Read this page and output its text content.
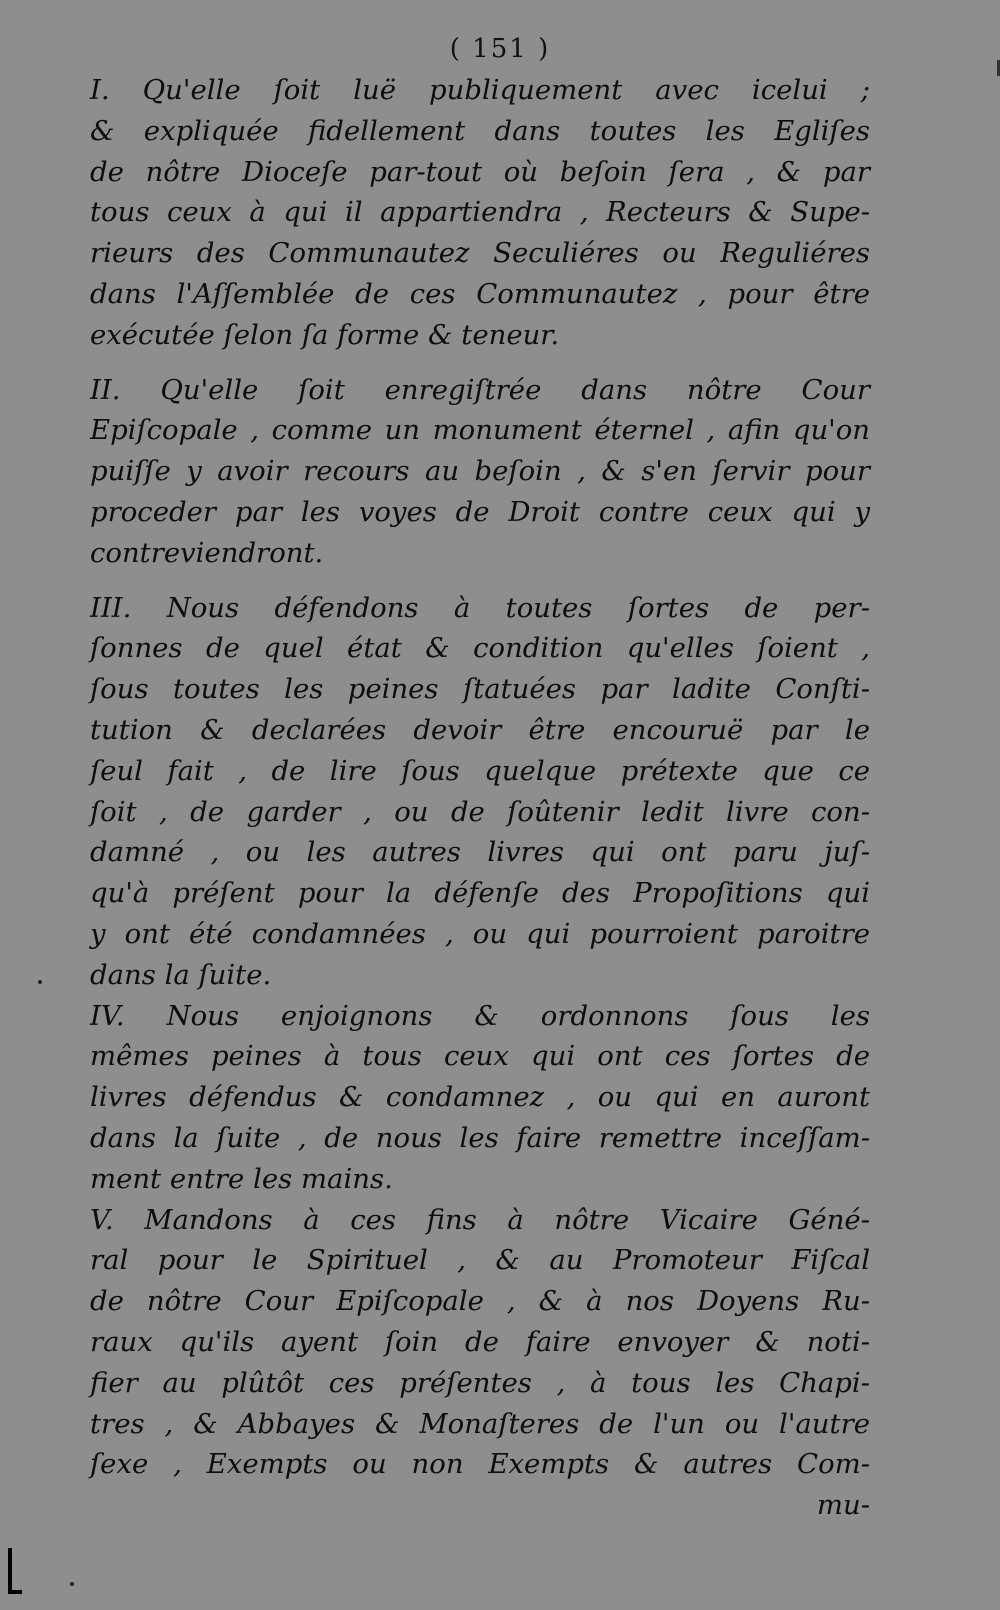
( 151 )

I. Qu'elle ſoit luë publiquement avec icelui ;
& expliquée fidellement dans toutes les Egliſes
de nôtre Dioceſe par-tout où beſoin ſera , & par
tous ceux à qui il appartiendra , Recteurs & Supe-
rieurs des Communautez Seculiéres ou Reguliéres
dans l'Aſſemblée de ces Communautez , pour être
exécutée ſelon ſa forme & teneur.

II. Qu'elle ſoit enregiſtrée dans nôtre Cour
Epiſcopale , comme un monument éternel , afin qu'on
puiſſe y avoir recours au beſoin , & s'en ſervir pour
proceder par les voyes de Droit contre ceux qui y
contreviendront.

III. Nous défendons à toutes ſortes de per-
ſonnes de quel état & condition qu'elles ſoient ,
ſous toutes les peines ſtatuées par ladite Conſti-
tution & declarées devoir être encouruë par le
ſeul fait , de lire ſous quelque prétexte que ce
ſoit , de garder , ou de ſoûtenir ledit livre con-
damné , ou les autres livres qui ont paru juſ-
qu'à préſent pour la défenſe des Propoſitions qui
y ont été condamnées , ou qui pourroient paroitre
dans la ſuite.

IV. Nous enjoignons & ordonnons ſous les
mêmes peines à tous ceux qui ont ces ſortes de
livres défendus & condamnez , ou qui en auront
dans la ſuite , de nous les faire remettre inceſſam-
ment entre les mains.

V. Mandons à ces fins à nôtre Vicaire Géné-
ral pour le Spirituel , & au Promoteur Fiſcal
de nôtre Cour Epiſcopale , & à nos Doyens Ru-
raux qu'ils ayent ſoin de faire envoyer & noti-
fier au plûtôt ces préſentes , à tous les Chapi-
tres , & Abbayes & Monaſteres de l'un ou l'autre
ſexe , Exempts ou non Exempts & autres Com-

mu-
